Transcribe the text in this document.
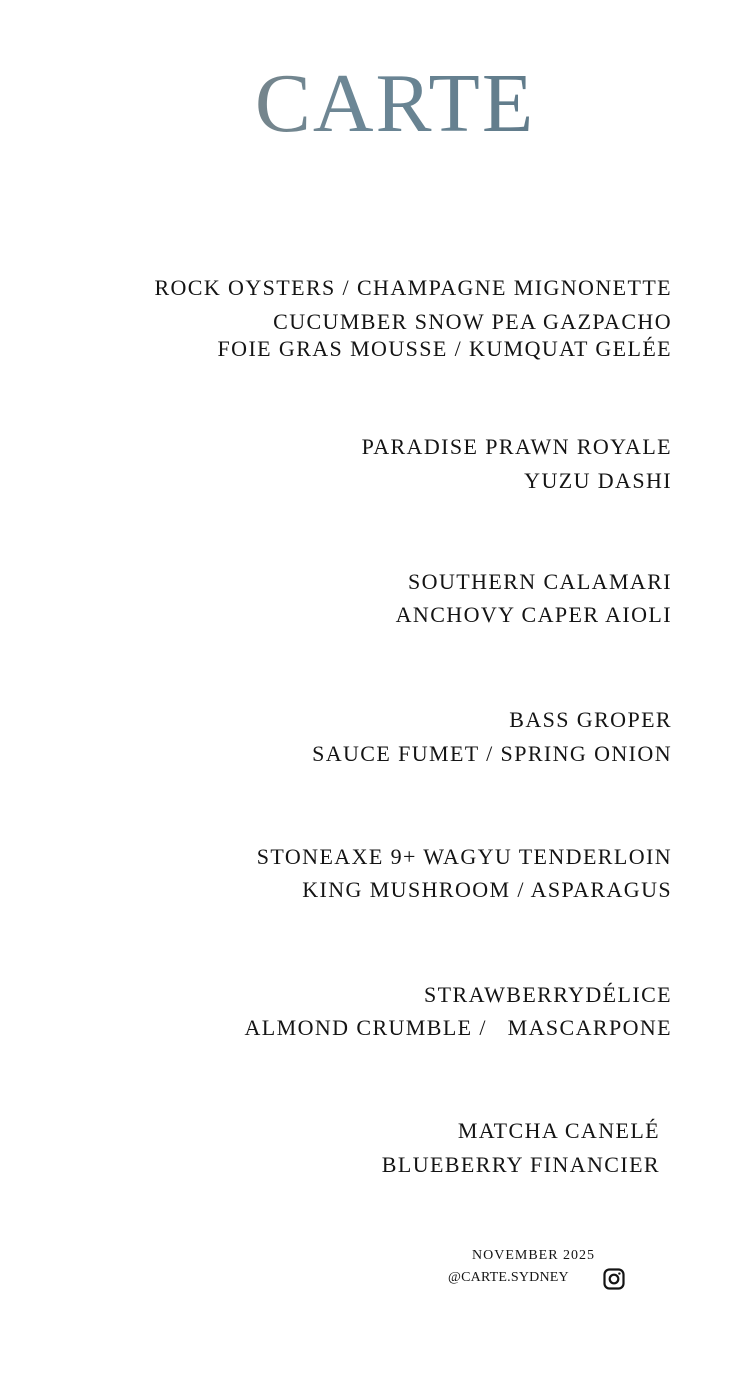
CARTE
ROCK OYSTERS / CHAMPAGNE MIGNONETTE
CUCUMBER SNOW PEA GAZPACHO
FOIE GRAS MOUSSE / KUMQUAT GELÉE
PARADISE PRAWN ROYALE
YUZU DASHI
SOUTHERN CALAMARI
ANCHOVY CAPER AIOLI
BASS GROPER
SAUCE FUMET / SPRING ONION
STONEAXE 9+ WAGYU TENDERLOIN
KING MUSHROOM / ASPARAGUS
STRAWBERRYDÉLICE
ALMOND CRUMBLE /   MASCARPONE
MATCHA CANELÉ
BLUEBERRY FINANCIER
NOVEMBER 2025
@CARTE.SYDNEY
